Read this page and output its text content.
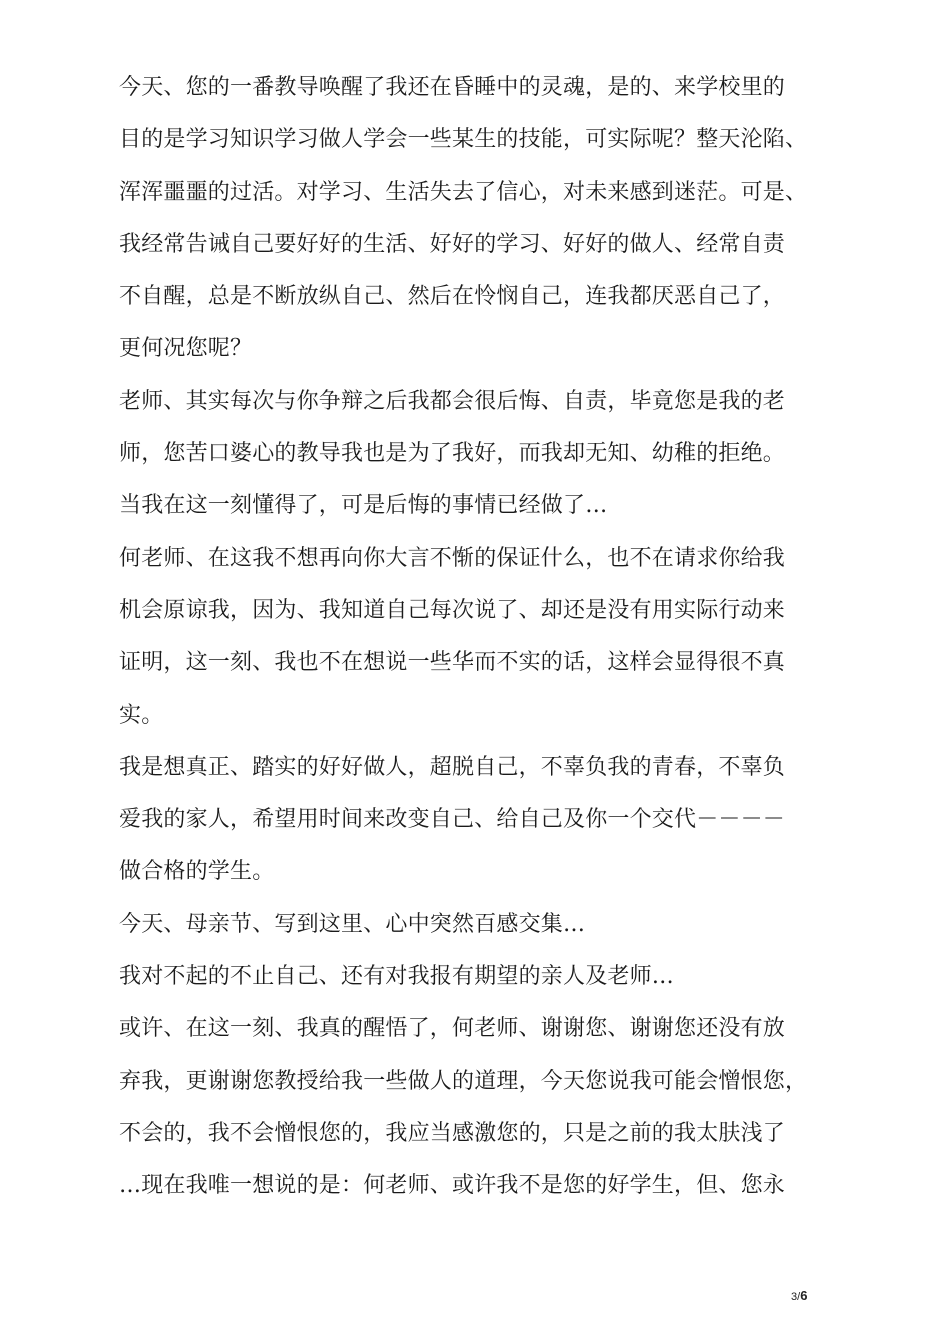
今天、您的一番教导唤醒了我还在昏睡中的灵魂，是的、来学校里的
目的是学习知识学习做人学会一些某生的技能，可实际呢？整天沦陷、
浑浑噩噩的过活。对学习、生活失去了信心，对未来感到迷茫。可是、
我经常告诫自己要好好的生活、好好的学习、好好的做人、经常自责
不自醒，总是不断放纵自己、然后在怜悯自己，连我都厌恶自己了，
更何况您呢？
老师、其实每次与你争辩之后我都会很后悔、自责，毕竟您是我的老
师，您苦口婆心的教导我也是为了我好，而我却无知、幼稚的拒绝。
当我在这一刻懂得了，可是后悔的事情已经做了…
何老师、在这我不想再向你大言不惭的保证什么，也不在请求你给我
机会原谅我，因为、我知道自己每次说了、却还是没有用实际行动来
证明，这一刻、我也不在想说一些华而不实的话，这样会显得很不真
实。
我是想真正、踏实的好好做人，超脱自己，不辜负我的青春，不辜负
爱我的家人，希望用时间来改变自己、给自己及你一个交代－－－－
做合格的学生。
今天、母亲节、写到这里、心中突然百感交集…
我对不起的不止自己、还有对我报有期望的亲人及老师…
或许、在这一刻、我真的醒悟了，何老师、谢谢您、谢谢您还没有放
弃我，更谢谢您教授给我一些做人的道理，今天您说我可能会憎恨您，
不会的，我不会憎恨您的，我应当感激您的，只是之前的我太肤浅了
…现在我唯一想说的是：何老师、或许我不是您的好学生，但、您永
3/6
